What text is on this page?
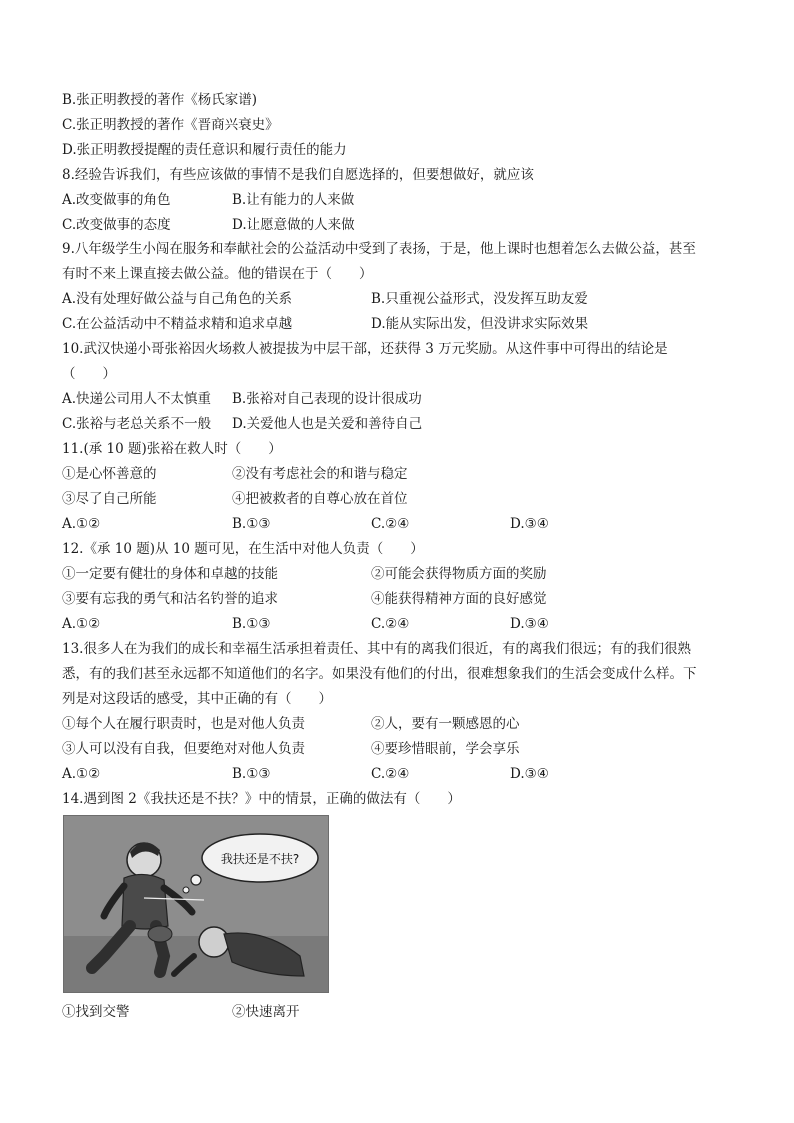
B.张正明教授的著作《杨氏家谱)
C.张正明教授的著作《晋商兴衰史》
D.张正明教授提醒的责任意识和履行责任的能力
8.经验告诉我们，有些应该做的事情不是我们自愿选择的，但要想做好，就应该
A.改变做事的角色	B.让有能力的人来做
C.改变做事的态度	D.让愿意做的人来做
9.八年级学生小闯在服务和奉献社会的公益活动中受到了表扬，于是，他上课时也想着怎么去做公益，甚至
有时不来上课直接去做公益。他的错误在于（　　）
A.没有处理好做公益与自己角色的关系	B.只重视公益形式，没发挥互助友爱
C.在公益活动中不精益求精和追求卓越	D.能从实际出发，但没讲求实际效果
10.武汉快递小哥张裕因火场救人被提拔为中层干部，还获得 3 万元奖励。从这件事中可得出的结论是
（　　）
A.快递公司用人不太慎重 B.张裕对自己表现的设计很成功
C.张裕与老总关系不一般 D.关爱他人也是关爱和善待自己
11.(承 10 题)张裕在救人时（　　）
①是心怀善意的	②没有考虑社会的和谐与稳定
③尽了自己所能	④把被救者的自尊心放在首位
A.①②	B.①③	C.②④	D.③④
12.《承 10 题)从 10 题可见，在生活中对他人负责（　　）
①一定要有健壮的身体和卓越的技能	②可能会获得物质方面的奖励
③要有忘我的勇气和沽名钓誉的追求	④能获得精神方面的良好感觉
A.①②	B.①③	C.②④	D.③④
13.很多人在为我们的成长和幸福生活承担着责任、其中有的离我们很近，有的离我们很远；有的我们很熟
悉，有的我们甚至永远都不知道他们的名字。如果没有他们的付出，很难想象我们的生活会变成什么样。下
列是对这段话的感受，其中正确的有（　　）
①每个人在履行职责时，也是对他人负责	②人，要有一颗感恩的心
③人可以没有自我，但要绝对对他人负责	④要珍惜眼前，学会享乐
A.①②	B.①③	C.②④	D.③④
14.遇到图 2《我扶还是不扶？》中的情景，正确的做法有（　　）
我扶还是不扶?
①找到交警	②快速离开
